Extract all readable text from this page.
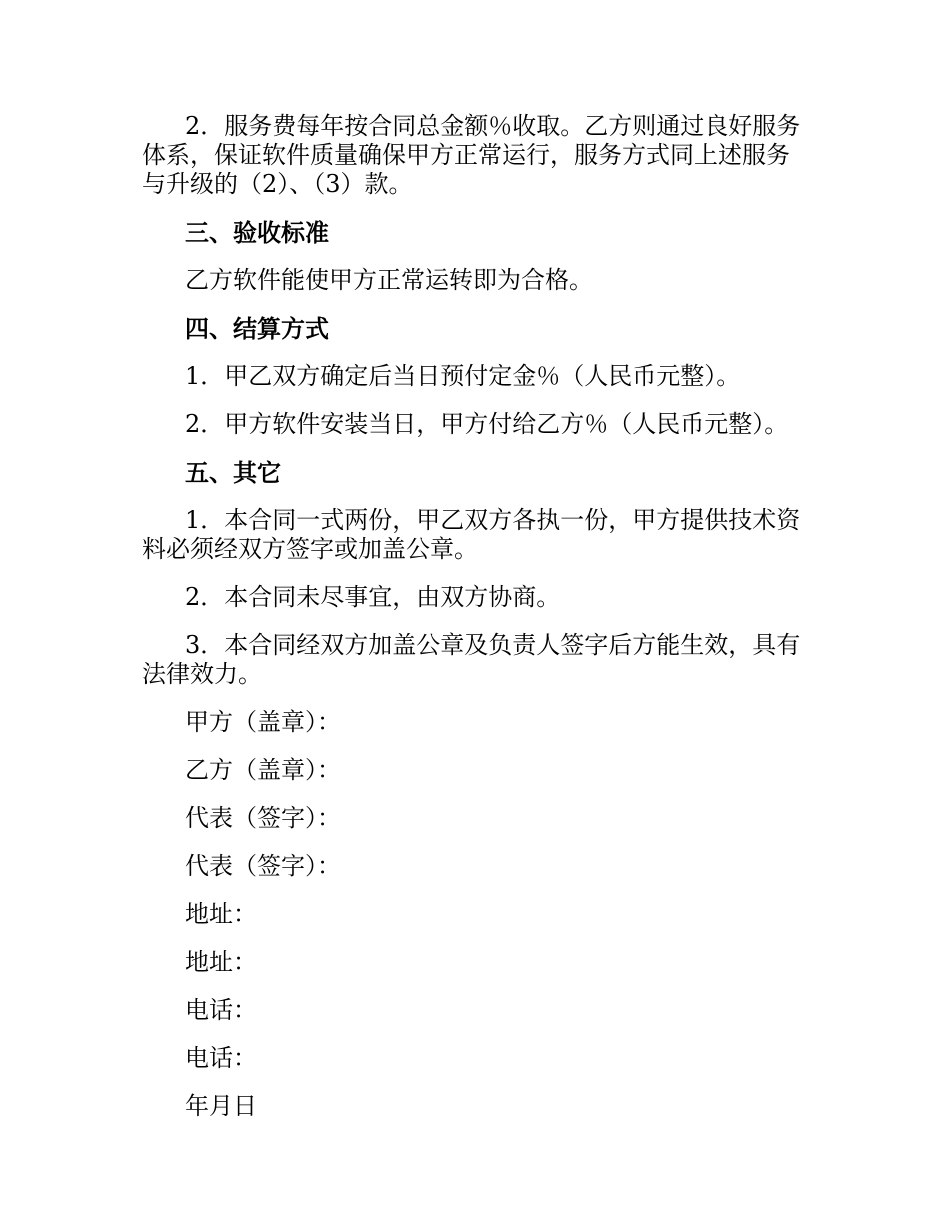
2．服务费每年按合同总金额％收取。乙方则通过良好服务体系，保证软件质量确保甲方正常运行，服务方式同上述服务与升级的（2）、（3）款。

三、验收标准

乙方软件能使甲方正常运转即为合格。

四、结算方式

1．甲乙双方确定后当日预付定金％（人民币元整）。

2．甲方软件安装当日，甲方付给乙方％（人民币元整）。

五、其它

1．本合同一式两份，甲乙双方各执一份，甲方提供技术资料必须经双方签字或加盖公章。

2．本合同未尽事宜，由双方协商。

3．本合同经双方加盖公章及负责人签字后方能生效，具有法律效力。

甲方（盖章）：

乙方（盖章）：

代表（签字）：

代表（签字）：

地址：

地址：

电话：

电话：

年月日
